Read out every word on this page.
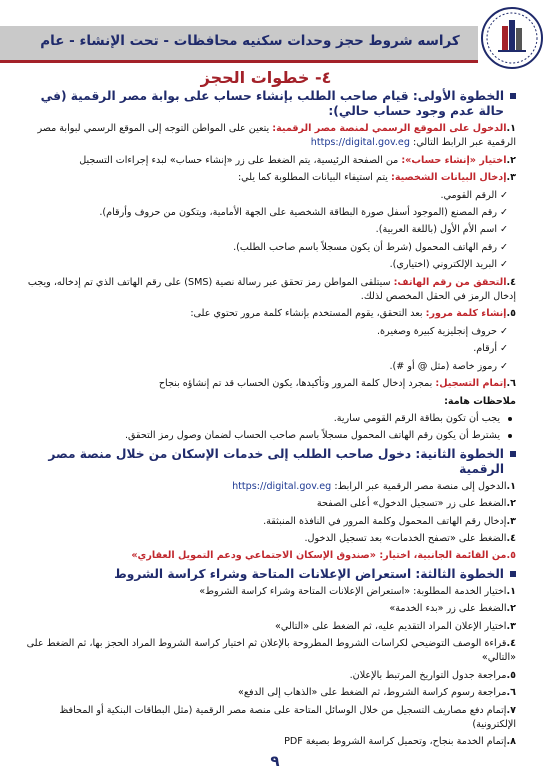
كراسه شروط حجز وحدات سكنيه محافظات - تحت الإنشاء - عام
٤- خطوات الحجز
الخطوة الأولى: قيام صاحب الطلب بإنشاء حساب على بوابة مصر الرقمية (في حالة عدم وجود حساب حالي):
١.الدخول على الموقع الرسمي لمنصة مصر الرقمية: يتعين على المواطن التوجه إلى الموقع الرسمي لبوابة مصر الرقمية عبر الرابط التالي: https://digital.gov.eg
٢.اختيار «إنشاء حساب»: من الصفحة الرئيسية، يتم الضغط على زر «إنشاء حساب» لبدء إجراءات التسجيل
٣.إدخال البيانات الشخصية: يتم استيفاء البيانات المطلوبة كما يلي:
✓الرقم القومي.
✓رقم المصنع (الموجود أسفل صورة البطاقة الشخصية على الجهة الأمامية، ويتكون من حروف وأرقام).
✓اسم الأم الأول (باللغة العربية).
✓رقم الهاتف المحمول (شرط أن يكون مسجلاً باسم صاحب الطلب).
✓البريد الإلكتروني (اختياري).
٤.التحقق من رقم الهاتف: سيتلقى المواطن رمز تحقق عبر رسالة نصية (SMS) على رقم الهاتف الذي تم إدخاله، ويجب إدخال الرمز في الحقل المخصص لذلك.
٥.إنشاء كلمة مرور: بعد التحقق، يقوم المستخدم بإنشاء كلمة مرور تحتوي على:
✓حروف إنجليزية كبيرة وصغيرة.
✓أرقام.
✓رموز خاصة (مثل @ أو #).
٦.إتمام التسجيل: بمجرد إدخال كلمة المرور وتأكيدها، يكون الحساب قد تم إنشاؤه بنجاح
ملاحظات هامة:
يجب أن تكون بطاقة الرقم القومي سارية.
يشترط أن يكون رقم الهاتف المحمول مسجلاً باسم صاحب الحساب لضمان وصول رمز التحقق.
الخطوة الثانية: دخول صاحب الطلب إلى خدمات الإسكان من خلال منصة مصر الرقمية
١.الدخول إلى منصة مصر الرقمية عبر الرابط: https://digital.gov.eg
٢.الضغط على زر «تسجيل الدخول» أعلى الصفحة
٣.إدخال رقم الهاتف المحمول وكلمة المرور في النافذة المنبثقة.
٤.الضغط على «تصفح الخدمات» بعد تسجيل الدخول.
٥.من القائمة الجانبية، اختيار: «صندوق الإسكان الاجتماعي ودعم التمويل العقاري»
الخطوة الثالثة: استعراض الإعلانات المتاحة وشراء كراسة الشروط
١.اختيار الخدمة المطلوبة: «استعراض الإعلانات المتاحة وشراء كراسة الشروط»
٢.الضغط على زر «بدء الخدمة»
٣.اختيار الإعلان المراد التقديم عليه، ثم الضغط على «التالي»
٤.قراءة الوصف التوضيحي لكراسات الشروط المطروحة بالإعلان ثم اختيار كراسة الشروط المراد الحجز بها، ثم الضغط على «التالي»
٥.مراجعة جدول التواريخ المرتبط بالإعلان.
٦.مراجعة رسوم كراسة الشروط، ثم الضغط على «الذهاب إلى الدفع»
٧.إتمام دفع مصاريف التسجيل من خلال الوسائل المتاحة على منصة مصر الرقمية (مثل البطاقات البنكية أو المحافظ الإلكترونية)
٨.إتمام الخدمة بنجاح، وتحميل كراسة الشروط بصيغة PDF
٩
